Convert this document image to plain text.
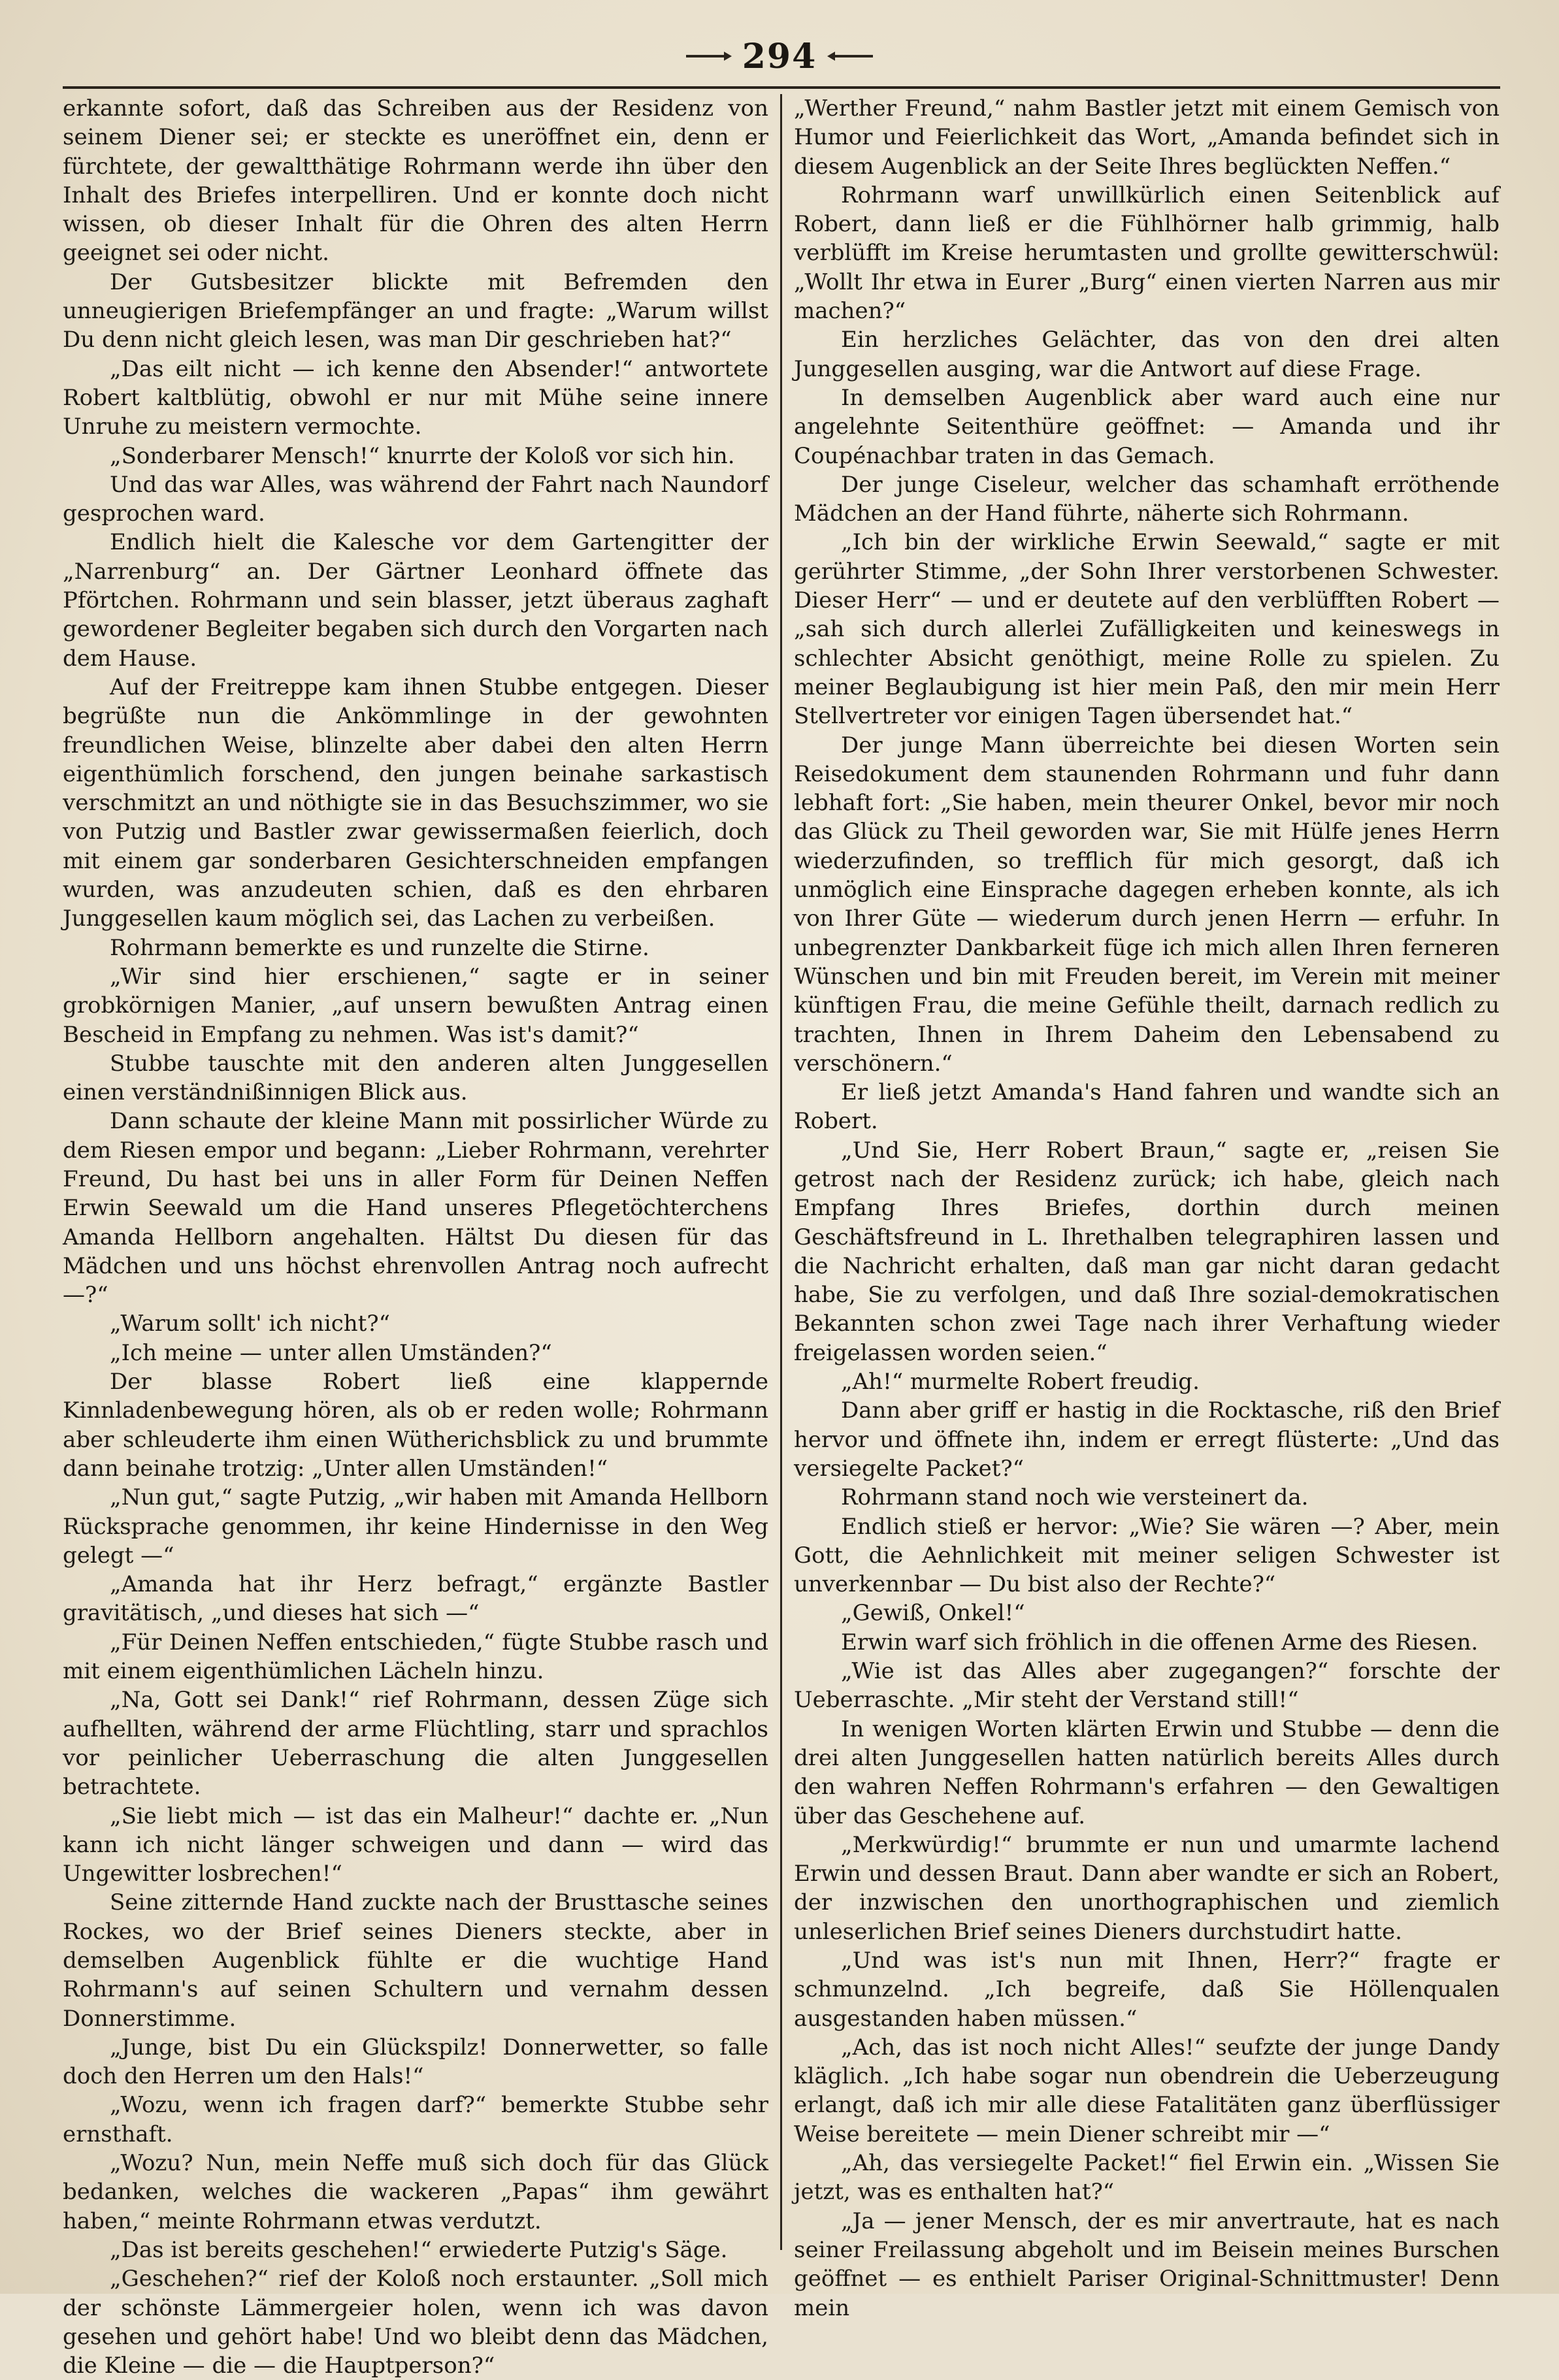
294

erkannte sofort, daß das Schreiben aus der Residenz von seinem Diener sei; er steckte es uneröffnet ein, denn er fürchtete, der gewaltthätige Rohrmann werde ihn über den Inhalt des Briefes interpelliren. Und er konnte doch nicht wissen, ob dieser Inhalt für die Ohren des alten Herrn geeignet sei oder nicht.

Der Gutsbesitzer blickte mit Befremden den unneugierigen Briefempfänger an und fragte: „Warum willst Du denn nicht gleich lesen, was man Dir geschrieben hat?“

„Das eilt nicht — ich kenne den Absender!“ antwortete Robert kaltblütig, obwohl er nur mit Mühe seine innere Unruhe zu meistern vermochte.

„Sonderbarer Mensch!“ knurrte der Koloß vor sich hin.

Und das war Alles, was während der Fahrt nach Naundorf gesprochen ward.

Endlich hielt die Kalesche vor dem Gartengitter der „Narrenburg“ an. Der Gärtner Leonhard öffnete das Pförtchen. Rohrmann und sein blasser, jetzt überaus zaghaft gewordener Begleiter begaben sich durch den Vorgarten nach dem Hause.

Auf der Freitreppe kam ihnen Stubbe entgegen. Dieser begrüßte nun die Ankömmlinge in der gewohnten freundlichen Weise, blinzelte aber dabei den alten Herrn eigenthümlich forschend, den jungen beinahe sarkastisch verschmitzt an und nöthigte sie in das Besuchszimmer, wo sie von Putzig und Bastler zwar gewissermaßen feierlich, doch mit einem gar sonderbaren Gesichterschneiden empfangen wurden, was anzudeuten schien, daß es den ehrbaren Junggesellen kaum möglich sei, das Lachen zu verbeißen.

Rohrmann bemerkte es und runzelte die Stirne.

„Wir sind hier erschienen,“ sagte er in seiner grobkörnigen Manier, „auf unsern bewußten Antrag einen Bescheid in Empfang zu nehmen. Was ist's damit?“

Stubbe tauschte mit den anderen alten Junggesellen einen verständnißinnigen Blick aus.

Dann schaute der kleine Mann mit possirlicher Würde zu dem Riesen empor und begann: „Lieber Rohrmann, verehrter Freund, Du hast bei uns in aller Form für Deinen Neffen Erwin Seewald um die Hand unseres Pflegetöchterchens Amanda Hellborn angehalten. Hältst Du diesen für das Mädchen und uns höchst ehrenvollen Antrag noch aufrecht —?“

„Warum sollt' ich nicht?“

„Ich meine — unter allen Umständen?“

Der blasse Robert ließ eine klappernde Kinnladenbewegung hören, als ob er reden wolle; Rohrmann aber schleuderte ihm einen Wütherichsblick zu und brummte dann beinahe trotzig: „Unter allen Umständen!“

„Nun gut,“ sagte Putzig, „wir haben mit Amanda Hellborn Rücksprache genommen, ihr keine Hindernisse in den Weg gelegt —“

„Amanda hat ihr Herz befragt,“ ergänzte Bastler gravitätisch, „und dieses hat sich —“

„Für Deinen Neffen entschieden,“ fügte Stubbe rasch und mit einem eigenthümlichen Lächeln hinzu.

„Na, Gott sei Dank!“ rief Rohrmann, dessen Züge sich aufhellten, während der arme Flüchtling, starr und sprachlos vor peinlicher Ueberraschung die alten Junggesellen betrachtete.

„Sie liebt mich — ist das ein Malheur!“ dachte er. „Nun kann ich nicht länger schweigen und dann — wird das Ungewitter losbrechen!“

Seine zitternde Hand zuckte nach der Brusttasche seines Rockes, wo der Brief seines Dieners steckte, aber in demselben Augenblick fühlte er die wuchtige Hand Rohrmann's auf seinen Schultern und vernahm dessen Donnerstimme.

„Junge, bist Du ein Glückspilz! Donnerwetter, so falle doch den Herren um den Hals!“

„Wozu, wenn ich fragen darf?“ bemerkte Stubbe sehr ernsthaft.

„Wozu? Nun, mein Neffe muß sich doch für das Glück bedanken, welches die wackeren „Papas“ ihm gewährt haben,“ meinte Rohrmann etwas verdutzt.

„Das ist bereits geschehen!“ erwiederte Putzig's Säge.

„Geschehen?“ rief der Koloß noch erstaunter. „Soll mich der schönste Lämmergeier holen, wenn ich was davon gesehen und gehört habe! Und wo bleibt denn das Mädchen, die Kleine — die — die Hauptperson?“

„Werther Freund,“ nahm Bastler jetzt mit einem Gemisch von Humor und Feierlichkeit das Wort, „Amanda befindet sich in diesem Augenblick an der Seite Ihres beglückten Neffen.“

Rohrmann warf unwillkürlich einen Seitenblick auf Robert, dann ließ er die Fühlhörner halb grimmig, halb verblüfft im Kreise herumtasten und grollte gewitterschwül: „Wollt Ihr etwa in Eurer „Burg“ einen vierten Narren aus mir machen?“

Ein herzliches Gelächter, das von den drei alten Junggesellen ausging, war die Antwort auf diese Frage.

In demselben Augenblick aber ward auch eine nur angelehnte Seitenthüre geöffnet: — Amanda und ihr Coupénachbar traten in das Gemach.

Der junge Ciseleur, welcher das schamhaft erröthende Mädchen an der Hand führte, näherte sich Rohrmann.

„Ich bin der wirkliche Erwin Seewald,“ sagte er mit gerührter Stimme, „der Sohn Ihrer verstorbenen Schwester. Dieser Herr“ — und er deutete auf den verblüfften Robert — „sah sich durch allerlei Zufälligkeiten und keineswegs in schlechter Absicht genöthigt, meine Rolle zu spielen. Zu meiner Beglaubigung ist hier mein Paß, den mir mein Herr Stellvertreter vor einigen Tagen übersendet hat.“

Der junge Mann überreichte bei diesen Worten sein Reisedokument dem staunenden Rohrmann und fuhr dann lebhaft fort: „Sie haben, mein theurer Onkel, bevor mir noch das Glück zu Theil geworden war, Sie mit Hülfe jenes Herrn wiederzufinden, so trefflich für mich gesorgt, daß ich unmöglich eine Einsprache dagegen erheben konnte, als ich von Ihrer Güte — wiederum durch jenen Herrn — erfuhr. In unbegrenzter Dankbarkeit füge ich mich allen Ihren ferneren Wünschen und bin mit Freuden bereit, im Verein mit meiner künftigen Frau, die meine Gefühle theilt, darnach redlich zu trachten, Ihnen in Ihrem Daheim den Lebensabend zu verschönern.“

Er ließ jetzt Amanda's Hand fahren und wandte sich an Robert.

„Und Sie, Herr Robert Braun,“ sagte er, „reisen Sie getrost nach der Residenz zurück; ich habe, gleich nach Empfang Ihres Briefes, dorthin durch meinen Geschäftsfreund in L. Ihrethalben telegraphiren lassen und die Nachricht erhalten, daß man gar nicht daran gedacht habe, Sie zu verfolgen, und daß Ihre sozial-demokratischen Bekannten schon zwei Tage nach ihrer Verhaftung wieder freigelassen worden seien.“

„Ah!“ murmelte Robert freudig.

Dann aber griff er hastig in die Rocktasche, riß den Brief hervor und öffnete ihn, indem er erregt flüsterte: „Und das versiegelte Packet?“

Rohrmann stand noch wie versteinert da.

Endlich stieß er hervor: „Wie? Sie wären —? Aber, mein Gott, die Aehnlichkeit mit meiner seligen Schwester ist unverkennbar — Du bist also der Rechte?“

„Gewiß, Onkel!“

Erwin warf sich fröhlich in die offenen Arme des Riesen.

„Wie ist das Alles aber zugegangen?“ forschte der Ueberraschte. „Mir steht der Verstand still!“

In wenigen Worten klärten Erwin und Stubbe — denn die drei alten Junggesellen hatten natürlich bereits Alles durch den wahren Neffen Rohrmann's erfahren — den Gewaltigen über das Geschehene auf.

„Merkwürdig!“ brummte er nun und umarmte lachend Erwin und dessen Braut. Dann aber wandte er sich an Robert, der inzwischen den unorthographischen und ziemlich unleserlichen Brief seines Dieners durchstudirt hatte.

„Und was ist's nun mit Ihnen, Herr?“ fragte er schmunzelnd. „Ich begreife, daß Sie Höllenqualen ausgestanden haben müssen.“

„Ach, das ist noch nicht Alles!“ seufzte der junge Dandy kläglich. „Ich habe sogar nun obendrein die Ueberzeugung erlangt, daß ich mir alle diese Fatalitäten ganz überflüssiger Weise bereitete — mein Diener schreibt mir —“

„Ah, das versiegelte Packet!“ fiel Erwin ein. „Wissen Sie jetzt, was es enthalten hat?“

„Ja — jener Mensch, der es mir anvertraute, hat es nach seiner Freilassung abgeholt und im Beisein meines Burschen geöffnet — es enthielt Pariser Original-Schnittmuster! Denn mein
